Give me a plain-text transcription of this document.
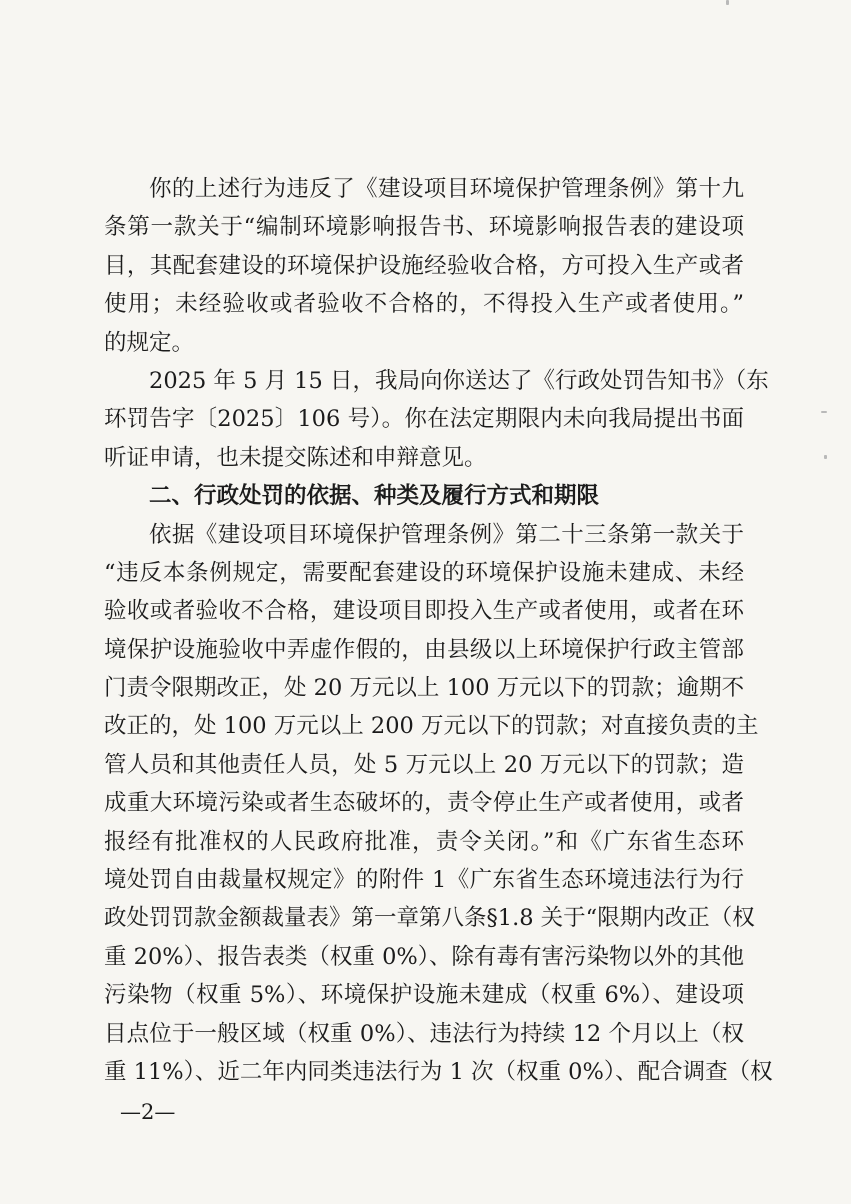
你的上述行为违反了《建设项目环境保护管理条例》第十九
条第一款关于“编制环境影响报告书、环境影响报告表的建设项
目，其配套建设的环境保护设施经验收合格，方可投入生产或者
使用；未经验收或者验收不合格的，不得投入生产或者使用。”
的规定。
2025 年 5 月 15 日，我局向你送达了《行政处罚告知书》（东
环罚告字〔2025〕106 号）。你在法定期限内未向我局提出书面
听证申请，也未提交陈述和申辩意见。
二、行政处罚的依据、种类及履行方式和期限
依据《建设项目环境保护管理条例》第二十三条第一款关于
“违反本条例规定，需要配套建设的环境保护设施未建成、未经
验收或者验收不合格，建设项目即投入生产或者使用，或者在环
境保护设施验收中弄虚作假的，由县级以上环境保护行政主管部
门责令限期改正，处 20 万元以上 100 万元以下的罚款；逾期不
改正的，处 100 万元以上 200 万元以下的罚款；对直接负责的主
管人员和其他责任人员，处 5 万元以上 20 万元以下的罚款；造
成重大环境污染或者生态破坏的，责令停止生产或者使用，或者
报经有批准权的人民政府批准，责令关闭。”和《广东省生态环
境处罚自由裁量权规定》的附件 1《广东省生态环境违法行为行
政处罚罚款金额裁量表》第一章第八条§1.8 关于“限期内改正（权
重 20%）、报告表类（权重 0%）、除有毒有害污染物以外的其他
污染物（权重 5%）、环境保护设施未建成（权重 6%）、建设项
目点位于一般区域（权重 0%）、违法行为持续 12 个月以上（权
重 11%）、近二年内同类违法行为 1 次（权重 0%）、配合调查（权
—2—
